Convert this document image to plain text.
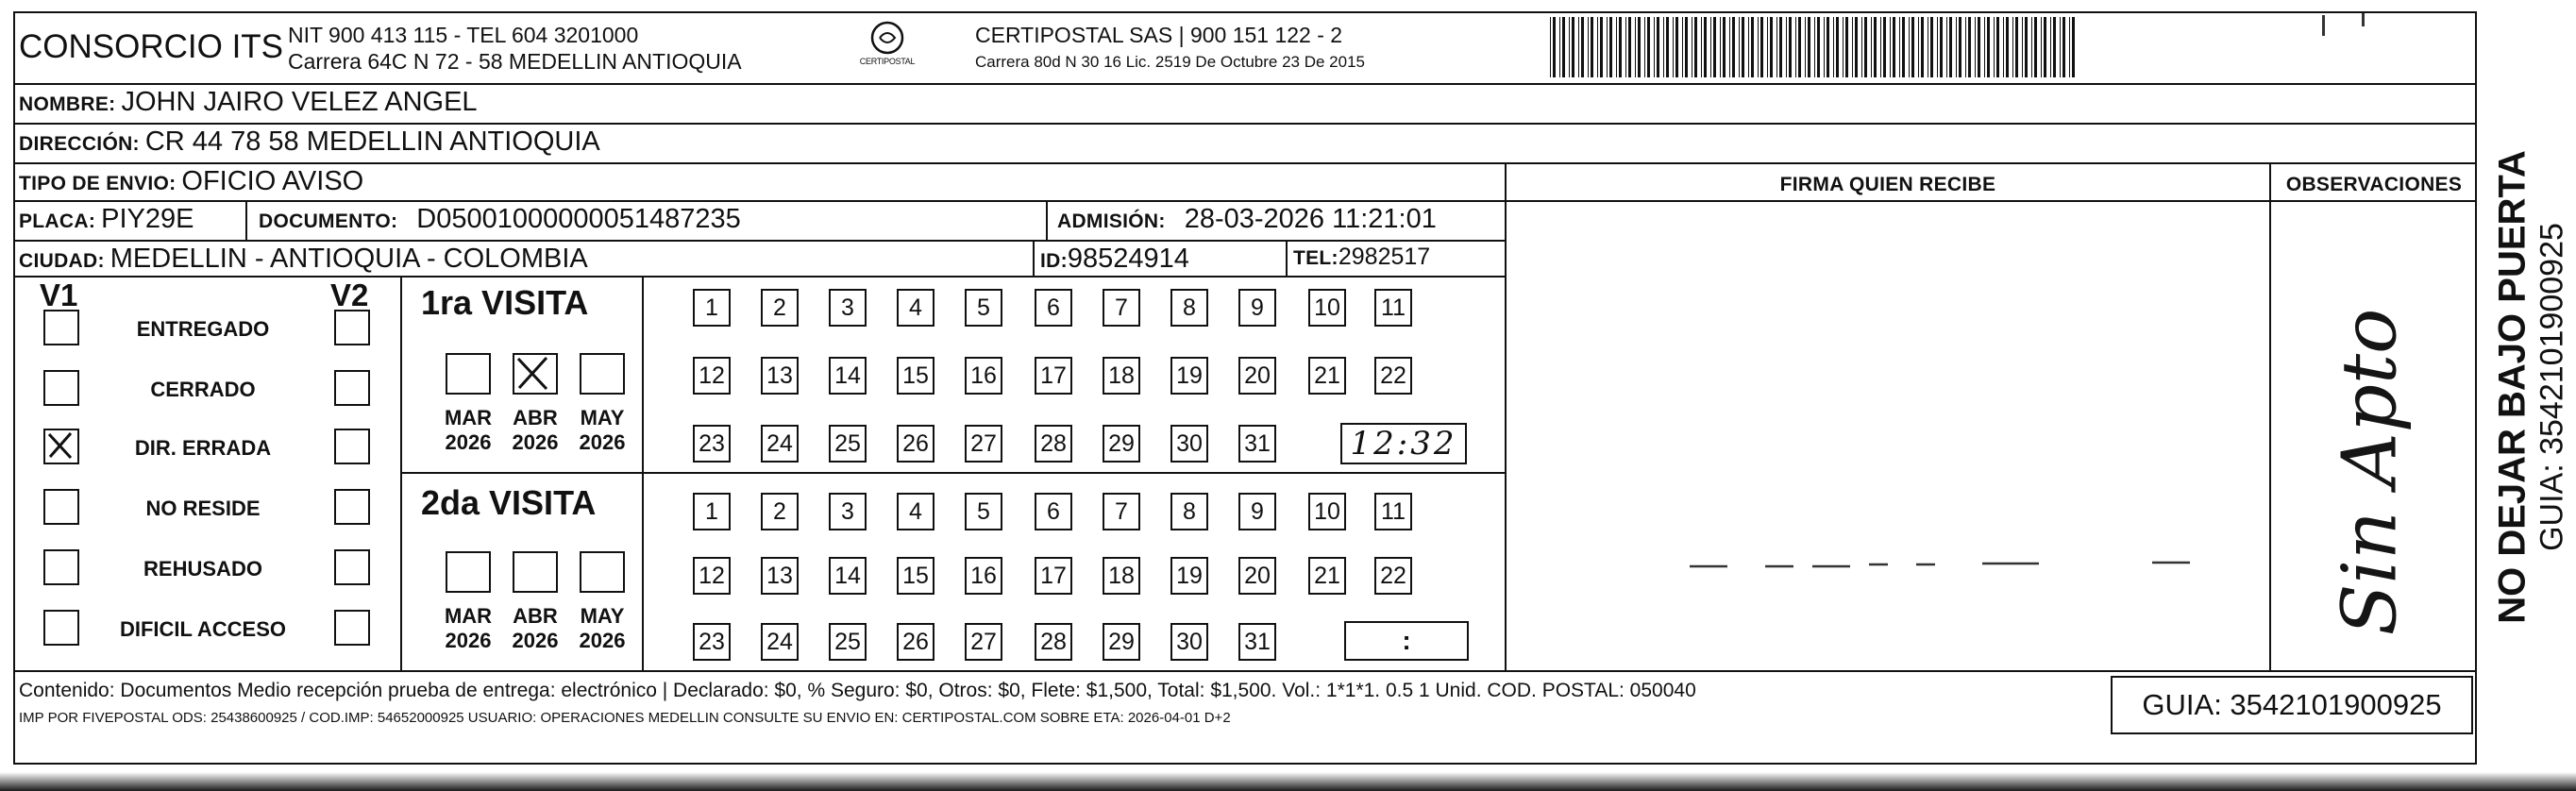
CONSORCIO ITS NIT 900 413 115 - TEL 604 3201000
Carrera 64C N 72 - 58 MEDELLIN ANTIOQUIA	CERTIPOSTAL
CERTIPOSTAL SAS | 900 151 122 - 2
Carrera 80d N 30 16 Lic. 2519 De Octubre 23 De 2015
NOMBRE: JOHN JAIRO VELEZ ANGEL
DIRECCIÓN: CR 44 78 58 MEDELLIN ANTIOQUIA
TIPO DE ENVIO: OFICIO AVISO	FIRMA QUIEN RECIBE	OBSERVACIONES
PLACA: PIY29E	DOCUMENTO: D05001000000051487235	ADMISIÓN: 28-03-2026 11:21:01
CIUDAD: MEDELLIN - ANTIOQUIA - COLOMBIA	ID: 98524914	TEL: 2982517
V1	V2
ENTREGADO
CERRADO
DIR. ERRADA
NO RESIDE
REHUSADO
DIFICIL ACCESO
1ra VISITA
MAR
2026
ABR
2026
MAY
2026
1	2	3	4	5	6	7	8	9	10 11
12 13 14 15 16 17 18 19 20 21 22
23 24 25 26 27 28 29 30 31 12:32
2da VISITA
MAR
2026
ABR
2026
MAY
2026
1	2	3	4	5	6	7	8	9	10 11
12 13 14 15 16 17 18 19 20 21 22
23 24 25 26 27 28 29 30 31	:
Sin Apto
Contenido: Documentos Medio recepción prueba de entrega: electrónico | Declarado: $0, % Seguro: $0, Otros: $0, Flete: $1,500, Total: $1,500. Vol.: 1*1*1. 0.5 1 Unid. COD. POSTAL: 050040
IMP POR FIVEPOSTAL ODS: 25438600925 / COD.IMP: 54652000925 USUARIO: OPERACIONES MEDELLIN CONSULTE SU ENVIO EN: CERTIPOSTAL.COM SOBRE ETA: 2026-04-01 D+2	GUIA: 3542101900925
NO DEJAR BAJO PUERTA GUIA: 3542101900925
